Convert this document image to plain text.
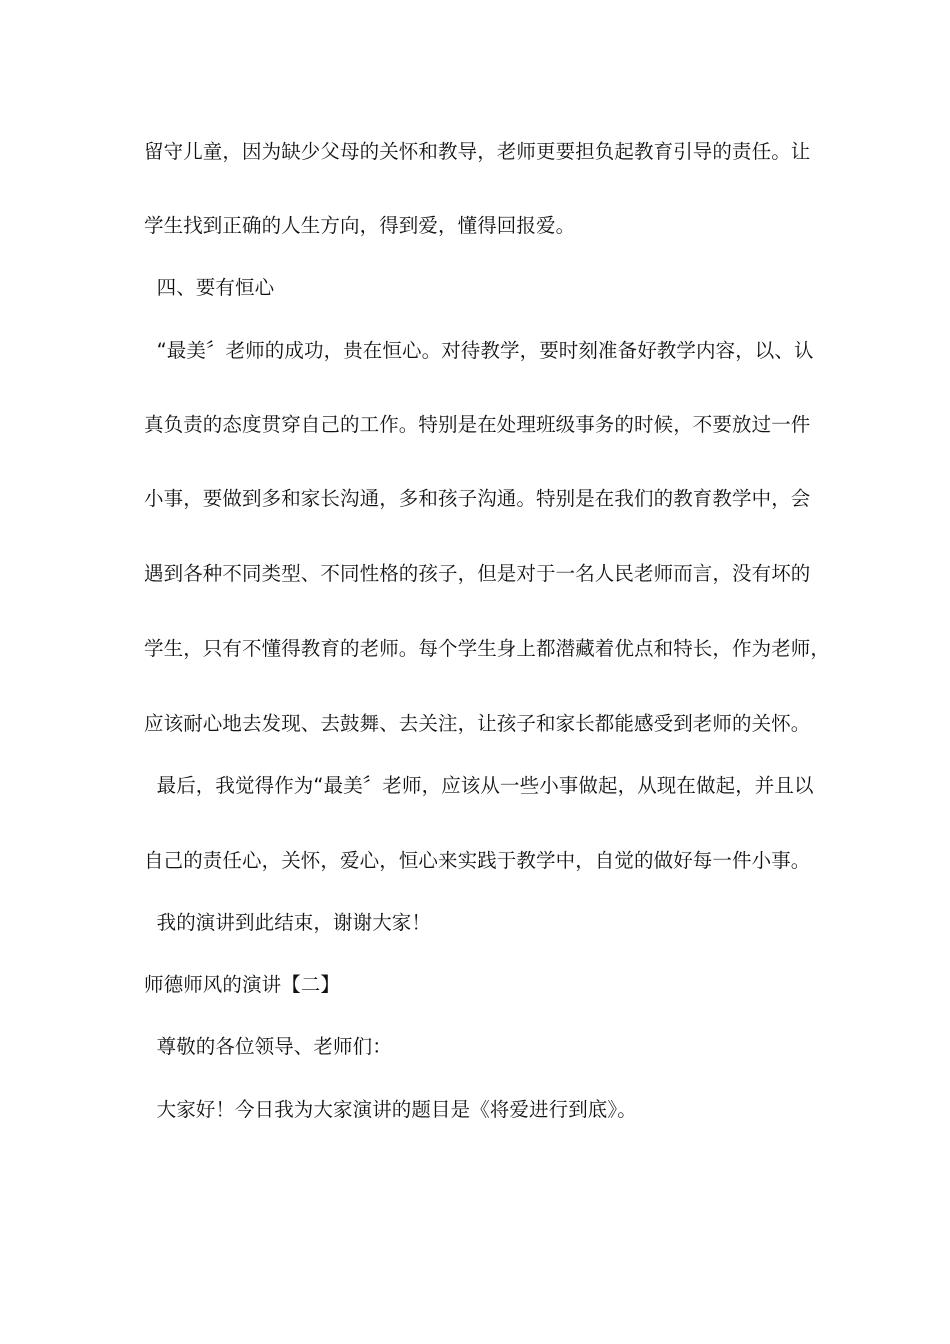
留守儿童，因为缺少父母的关怀和教导，老师更要担负起教育引导的责任。让
学生找到正确的人生方向，得到爱，懂得回报爱。
四、要有恒心
“最美〞老师的成功，贵在恒心。对待教学，要时刻准备好教学内容，以、认
真负责的态度贯穿自己的工作。特别是在处理班级事务的时候，不要放过一件
小事，要做到多和家长沟通，多和孩子沟通。特别是在我们的教育教学中，会
遇到各种不同类型、不同性格的孩子，但是对于一名人民老师而言，没有坏的
学生，只有不懂得教育的老师。每个学生身上都潜藏着优点和特长，作为老师，
应该耐心地去发现、去鼓舞、去关注，让孩子和家长都能感受到老师的关怀。
最后，我觉得作为“最美〞老师，应该从一些小事做起，从现在做起，并且以
自己的责任心，关怀，爱心，恒心来实践于教学中，自觉的做好每一件小事。
我的演讲到此结束，谢谢大家！
师德师风的演讲【二】
尊敬的各位领导、老师们：
大家好！今日我为大家演讲的题目是《将爱进行到底》。
